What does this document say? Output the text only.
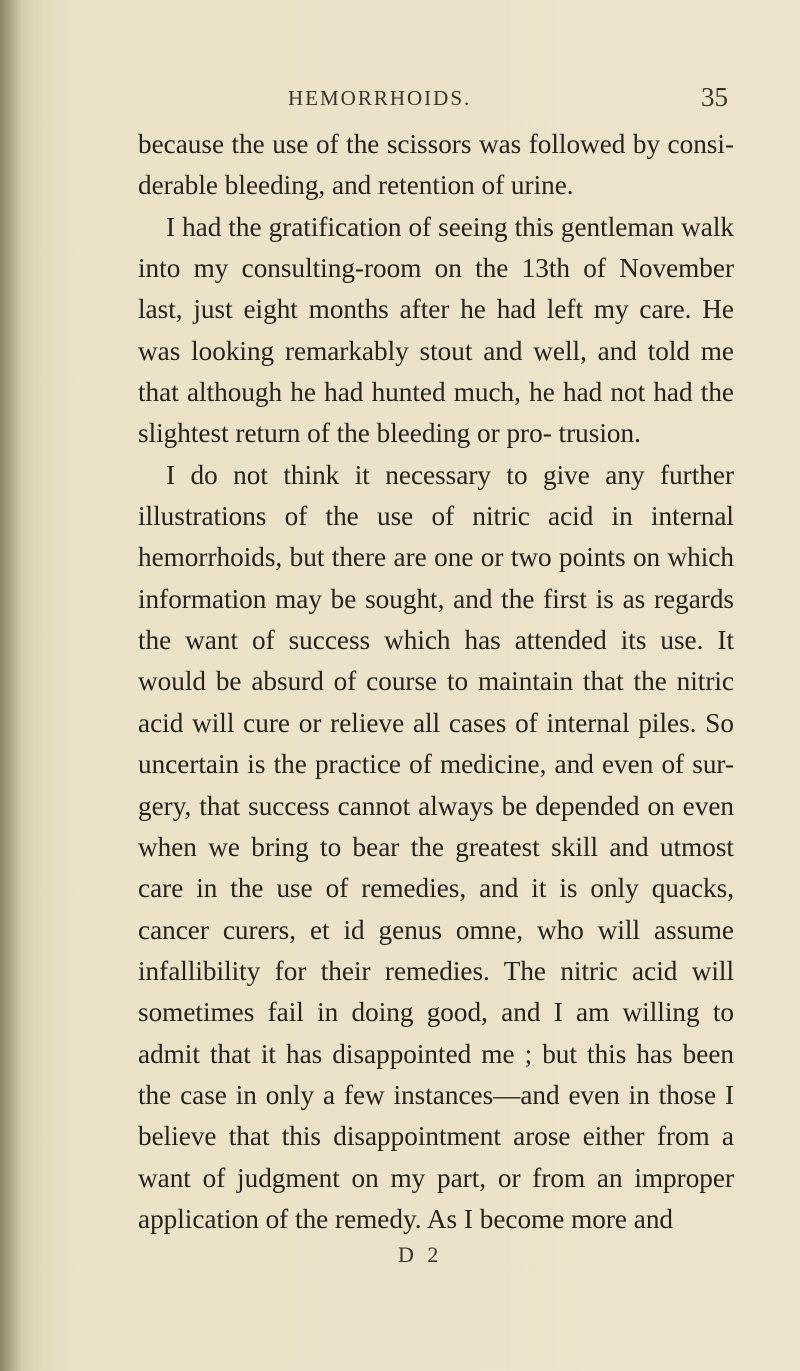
HEMORRHOIDS.	35

because the use of the scissors was followed by consi- derable bleeding, and retention of urine.

I had the gratification of seeing this gentleman walk into my consulting-room on the 13th of November last, just eight months after he had left my care. He was looking remarkably stout and well, and told me that although he had hunted much, he had not had the slightest return of the bleeding or pro- trusion.

I do not think it necessary to give any further illustrations of the use of nitric acid in internal hemorrhoids, but there are one or two points on which information may be sought, and the first is as regards the want of success which has attended its use. It would be absurd of course to maintain that the nitric acid will cure or relieve all cases of internal piles. So uncertain is the practice of medicine, and even of sur- gery, that success cannot always be depended on even when we bring to bear the greatest skill and utmost care in the use of remedies, and it is only quacks, cancer curers, et id genus omne, who will assume infallibility for their remedies. The nitric acid will sometimes fail in doing good, and I am willing to admit that it has disappointed me ; but this has been the case in only a few instances—and even in those I believe that this disappointment arose either from a want of judgment on my part, or from an improper application of the remedy. As I become more and

D 2
